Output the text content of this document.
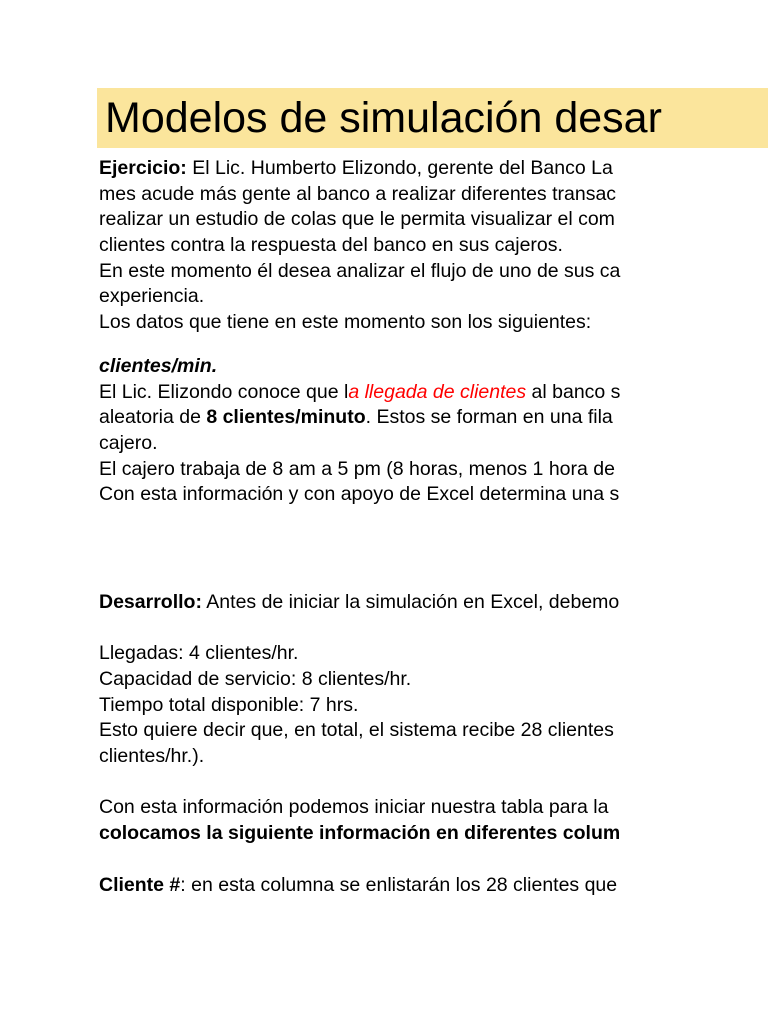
Modelos de simulación desar
Ejercicio: El Lic. Humberto Elizondo, gerente del Banco La
mes acude más gente al banco a realizar diferentes transac
realizar un estudio de colas que le permita visualizar el com
clientes contra la respuesta del banco en sus cajeros.
En este momento él desea analizar el flujo de uno de sus ca
experiencia.
Los datos que tiene en este momento son los siguientes:
clientes/min.
El Lic. Elizondo conoce que la llegada de clientes al banco s
aleatoria de 8 clientes/minuto. Estos se forman en una fila
cajero.
El cajero trabaja de 8 am a 5 pm (8 horas, menos 1 hora de
Con esta información y con apoyo de Excel determina una s
Desarrollo: Antes de iniciar la simulación en Excel, debemo
Llegadas: 4 clientes/hr.
Capacidad de servicio: 8 clientes/hr.
Tiempo total disponible: 7 hrs.
Esto quiere decir que, en total, el sistema recibe 28 clientes
clientes/hr.).
Con esta información podemos iniciar nuestra tabla para la
colocamos la siguiente información en diferentes colum
Cliente #: en esta columna se enlistarán los 28 clientes que
